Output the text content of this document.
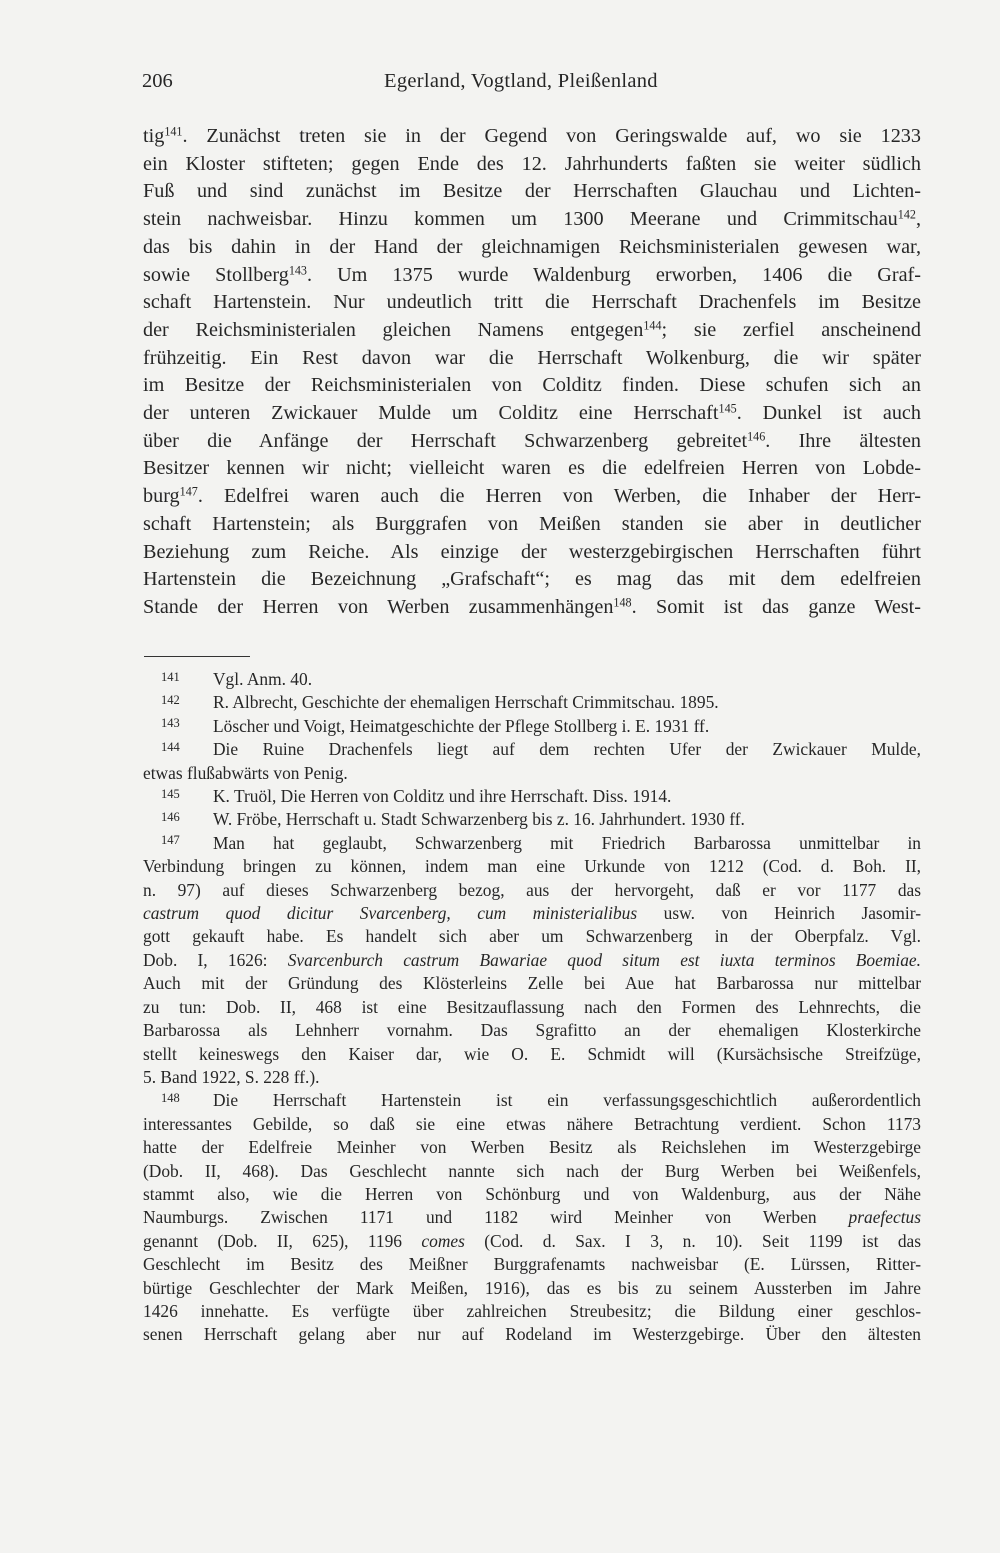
206	Egerland, Vogtland, Pleißenland
tig$^{141}$. Zunächst treten sie in der Gegend von Geringswalde auf, wo sie 1233
ein Kloster stifteten; gegen Ende des 12. Jahrhunderts faßten sie weiter südlich
Fuß und sind zunächst im Besitze der Herrschaften Glauchau und Lichten-
stein nachweisbar. Hinzu kommen um 1300 Meerane und Crimmitschau$^{142}$,
das bis dahin in der Hand der gleichnamigen Reichsministerialen gewesen war,
sowie Stollberg$^{143}$. Um 1375 wurde Waldenburg erworben, 1406 die Graf-
schaft Hartenstein. Nur undeutlich tritt die Herrschaft Drachenfels im Besitze
der Reichsministerialen gleichen Namens entgegen$^{144}$; sie zerfiel anscheinend
frühzeitig. Ein Rest davon war die Herrschaft Wolkenburg, die wir später
im Besitze der Reichsministerialen von Colditz finden. Diese schufen sich an
der unteren Zwickauer Mulde um Colditz eine Herrschaft$^{145}$. Dunkel ist auch
über die Anfänge der Herrschaft Schwarzenberg gebreitet$^{146}$. Ihre ältesten
Besitzer kennen wir nicht; vielleicht waren es die edelfreien Herren von Lobde-
burg$^{147}$. Edelfrei waren auch die Herren von Werben, die Inhaber der Herr-
schaft Hartenstein; als Burggrafen von Meißen standen sie aber in deutlicher
Beziehung zum Reiche. Als einzige der westerzgebirgischen Herrschaften führt
Hartenstein die Bezeichnung „Grafschaft“; es mag das mit dem edelfreien
Stande der Herren von Werben zusammenhängen$^{148}$. Somit ist das ganze West-
141 Vgl. Anm. 40.
142 R. Albrecht, Geschichte der ehemaligen Herrschaft Crimmitschau. 1895.
143 Löscher und Voigt, Heimatgeschichte der Pflege Stollberg i. E. 1931 ff.
144 Die Ruine Drachenfels liegt auf dem rechten Ufer der Zwickauer Mulde,
etwas flußabwärts von Penig.
145 K. Truöl, Die Herren von Colditz und ihre Herrschaft. Diss. 1914.
146 W. Fröbe, Herrschaft u. Stadt Schwarzenberg bis z. 16. Jahrhundert. 1930 ff.
147 Man hat geglaubt, Schwarzenberg mit Friedrich Barbarossa unmittelbar in
Verbindung bringen zu können, indem man eine Urkunde von 1212 (Cod. d. Boh. II,
n. 97) auf dieses Schwarzenberg bezog, aus der hervorgeht, daß er vor 1177 das
castrum quod dicitur Svarcenberg, cum ministerialibus usw. von Heinrich Jasomir-
gott gekauft habe. Es handelt sich aber um Schwarzenberg in der Oberpfalz. Vgl.
Dob. I, 1626: Svarcenburch castrum Bawariae quod situm est iuxta terminos Boemiae.
Auch mit der Gründung des Klösterleins Zelle bei Aue hat Barbarossa nur mittelbar
zu tun: Dob. II, 468 ist eine Besitzauflassung nach den Formen des Lehnrechts, die
Barbarossa als Lehnherr vornahm. Das Sgrafitto an der ehemaligen Klosterkirche
stellt keineswegs den Kaiser dar, wie O. E. Schmidt will (Kursächsische Streifzüge,
5. Band 1922, S. 228 ff.).
148 Die Herrschaft Hartenstein ist ein verfassungsgeschichtlich außerordentlich
interessantes Gebilde, so daß sie eine etwas nähere Betrachtung verdient. Schon 1173
hatte der Edelfreie Meinher von Werben Besitz als Reichslehen im Westerzgebirge
(Dob. II, 468). Das Geschlecht nannte sich nach der Burg Werben bei Weißenfels,
stammt also, wie die Herren von Schönburg und von Waldenburg, aus der Nähe
Naumburgs. Zwischen 1171 und 1182 wird Meinher von Werben praefectus
genannt (Dob. II, 625), 1196 comes (Cod. d. Sax. I 3, n. 10). Seit 1199 ist das
Geschlecht im Besitz des Meißner Burggrafenamts nachweisbar (E. Lürssen, Ritter-
bürtige Geschlechter der Mark Meißen, 1916), das es bis zu seinem Aussterben im Jahre
1426 innehatte. Es verfügte über zahlreichen Streubesitz; die Bildung einer geschlos-
senen Herrschaft gelang aber nur auf Rodeland im Westerzgebirge. Über den ältesten
